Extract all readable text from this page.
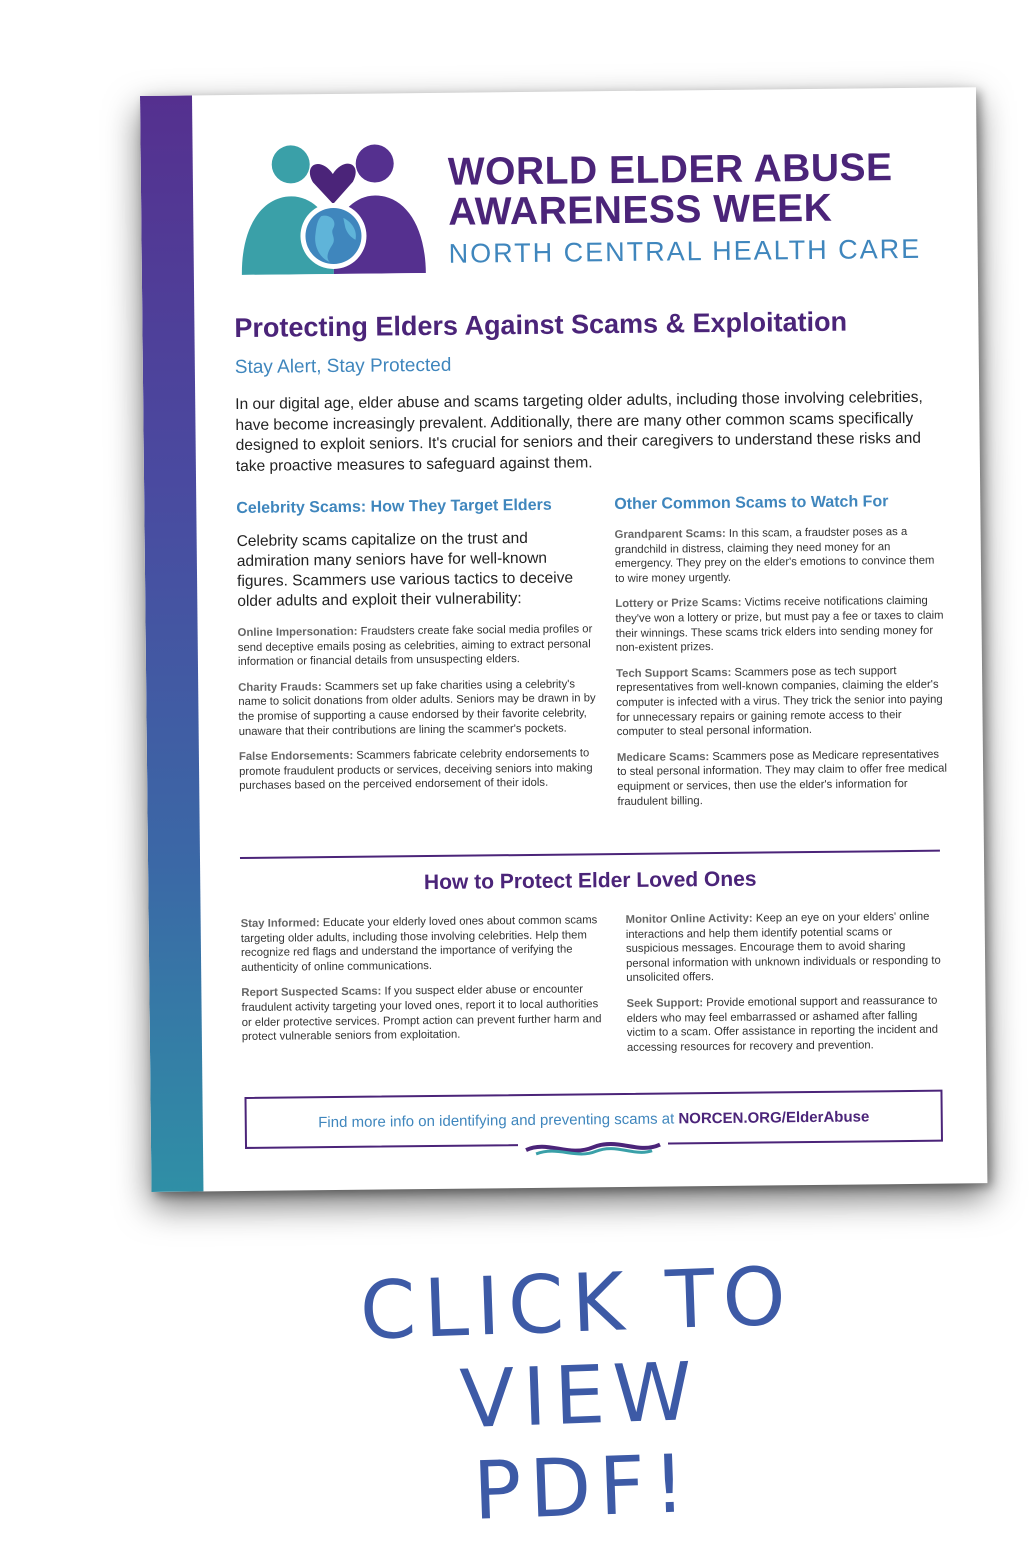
WORLD ELDER ABUSE
AWARENESS WEEK
NORTH CENTRAL HEALTH CARE
Protecting Elders Against Scams & Exploitation

Stay Alert, Stay Protected

In our digital age, elder abuse and scams targeting older adults, including those involving celebrities, have become increasingly prevalent. Additionally, there are many other common scams specifically designed to exploit seniors. It's crucial for seniors and their caregivers to understand these risks and take proactive measures to safeguard against them.

Celebrity Scams: How They Target Elders

Celebrity scams capitalize on the trust and admiration many seniors have for well-known figures. Scammers use various tactics to deceive older adults and exploit their vulnerability:

Online Impersonation: Fraudsters create fake social media profiles or send deceptive emails posing as celebrities, aiming to extract personal information or financial details from unsuspecting elders.

Charity Frauds: Scammers set up fake charities using a celebrity's name to solicit donations from older adults. Seniors may be drawn in by the promise of supporting a cause endorsed by their favorite celebrity, unaware that their contributions are lining the scammer's pockets.

False Endorsements: Scammers fabricate celebrity endorsements to promote fraudulent products or services, deceiving seniors into making purchases based on the perceived endorsement of their idols.

Other Common Scams to Watch For

Grandparent Scams: In this scam, a fraudster poses as a grandchild in distress, claiming they need money for an emergency. They prey on the elder's emotions to convince them to wire money urgently.

Lottery or Prize Scams: Victims receive notifications claiming they've won a lottery or prize, but must pay a fee or taxes to claim their winnings. These scams trick elders into sending money for non-existent prizes.

Tech Support Scams: Scammers pose as tech support representatives from well-known companies, claiming the elder's computer is infected with a virus. They trick the senior into paying for unnecessary repairs or gaining remote access to their computer to steal personal information.

Medicare Scams: Scammers pose as Medicare representatives to steal personal information. They may claim to offer free medical equipment or services, then use the elder's information for fraudulent billing.

How to Protect Elder Loved Ones

Stay Informed: Educate your elderly loved ones about common scams targeting older adults, including those involving celebrities. Help them recognize red flags and understand the importance of verifying the authenticity of online communications.

Report Suspected Scams: If you suspect elder abuse or encounter fraudulent activity targeting your loved ones, report it to local authorities or elder protective services. Prompt action can prevent further harm and protect vulnerable seniors from exploitation.

Monitor Online Activity: Keep an eye on your elders' online interactions and help them identify potential scams or suspicious messages. Encourage them to avoid sharing personal information with unknown individuals or responding to unsolicited offers.

Seek Support: Provide emotional support and reassurance to elders who may feel embarrassed or ashamed after falling victim to a scam. Offer assistance in reporting the incident and accessing resources for recovery and prevention.

Find more info on identifying and preventing scams at NORCEN.ORG/ElderAbuse
CLICK TO
VIEW PDF!
